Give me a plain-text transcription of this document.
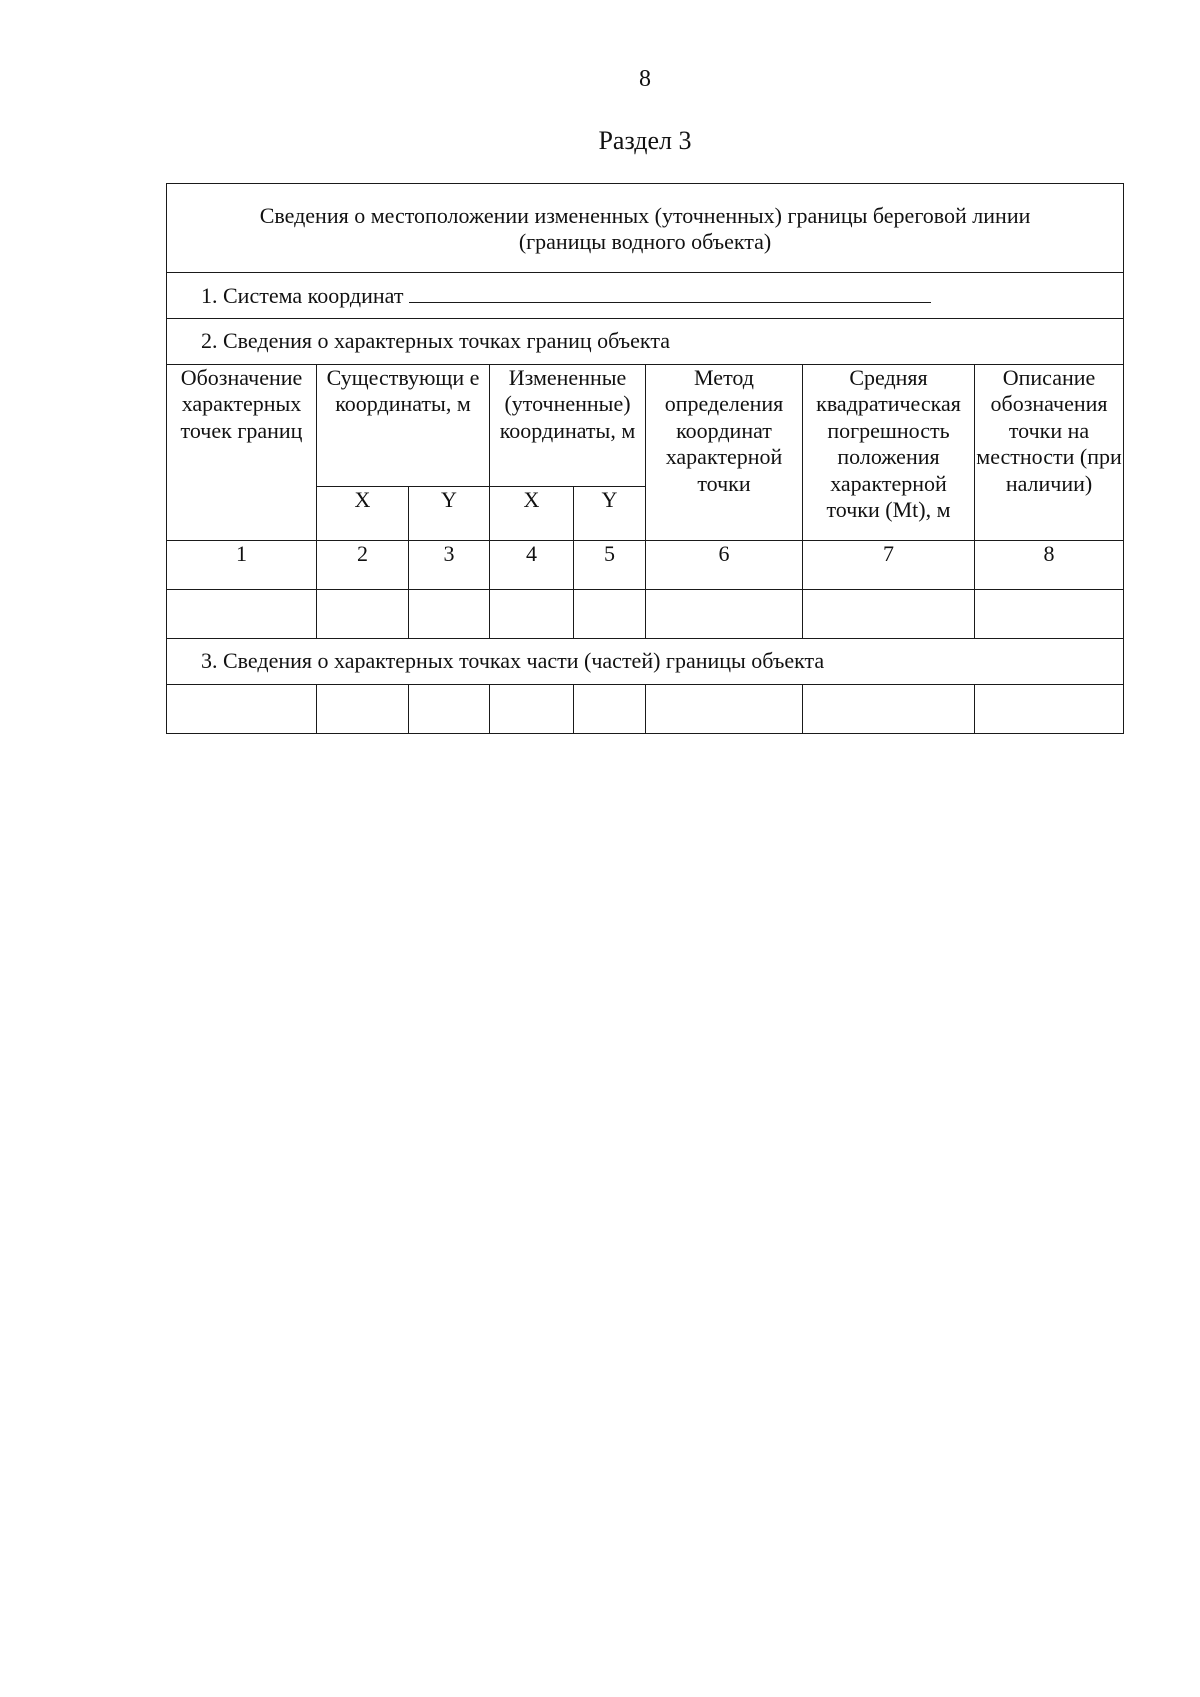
8
Раздел 3
Сведения о местоположении измененных (уточненных) границы береговой линии
(границы водного объекта)							

1. Система координат							
2. Сведения о характерных точках границ объекта							
Обозначение характерных точек границ	Существующи е координаты, м		Измененные (уточненные) координаты, м		Метод определения координат характерной точки	Средняя квадратическая погрешность положения характерной точки (Mt), м	Описание обозначения точки на местности (при наличии)
	X	Y	X	Y			
1	2	3	4	5	6	7	8

3. Сведения о характерных точках части (частей) границы объекта							
